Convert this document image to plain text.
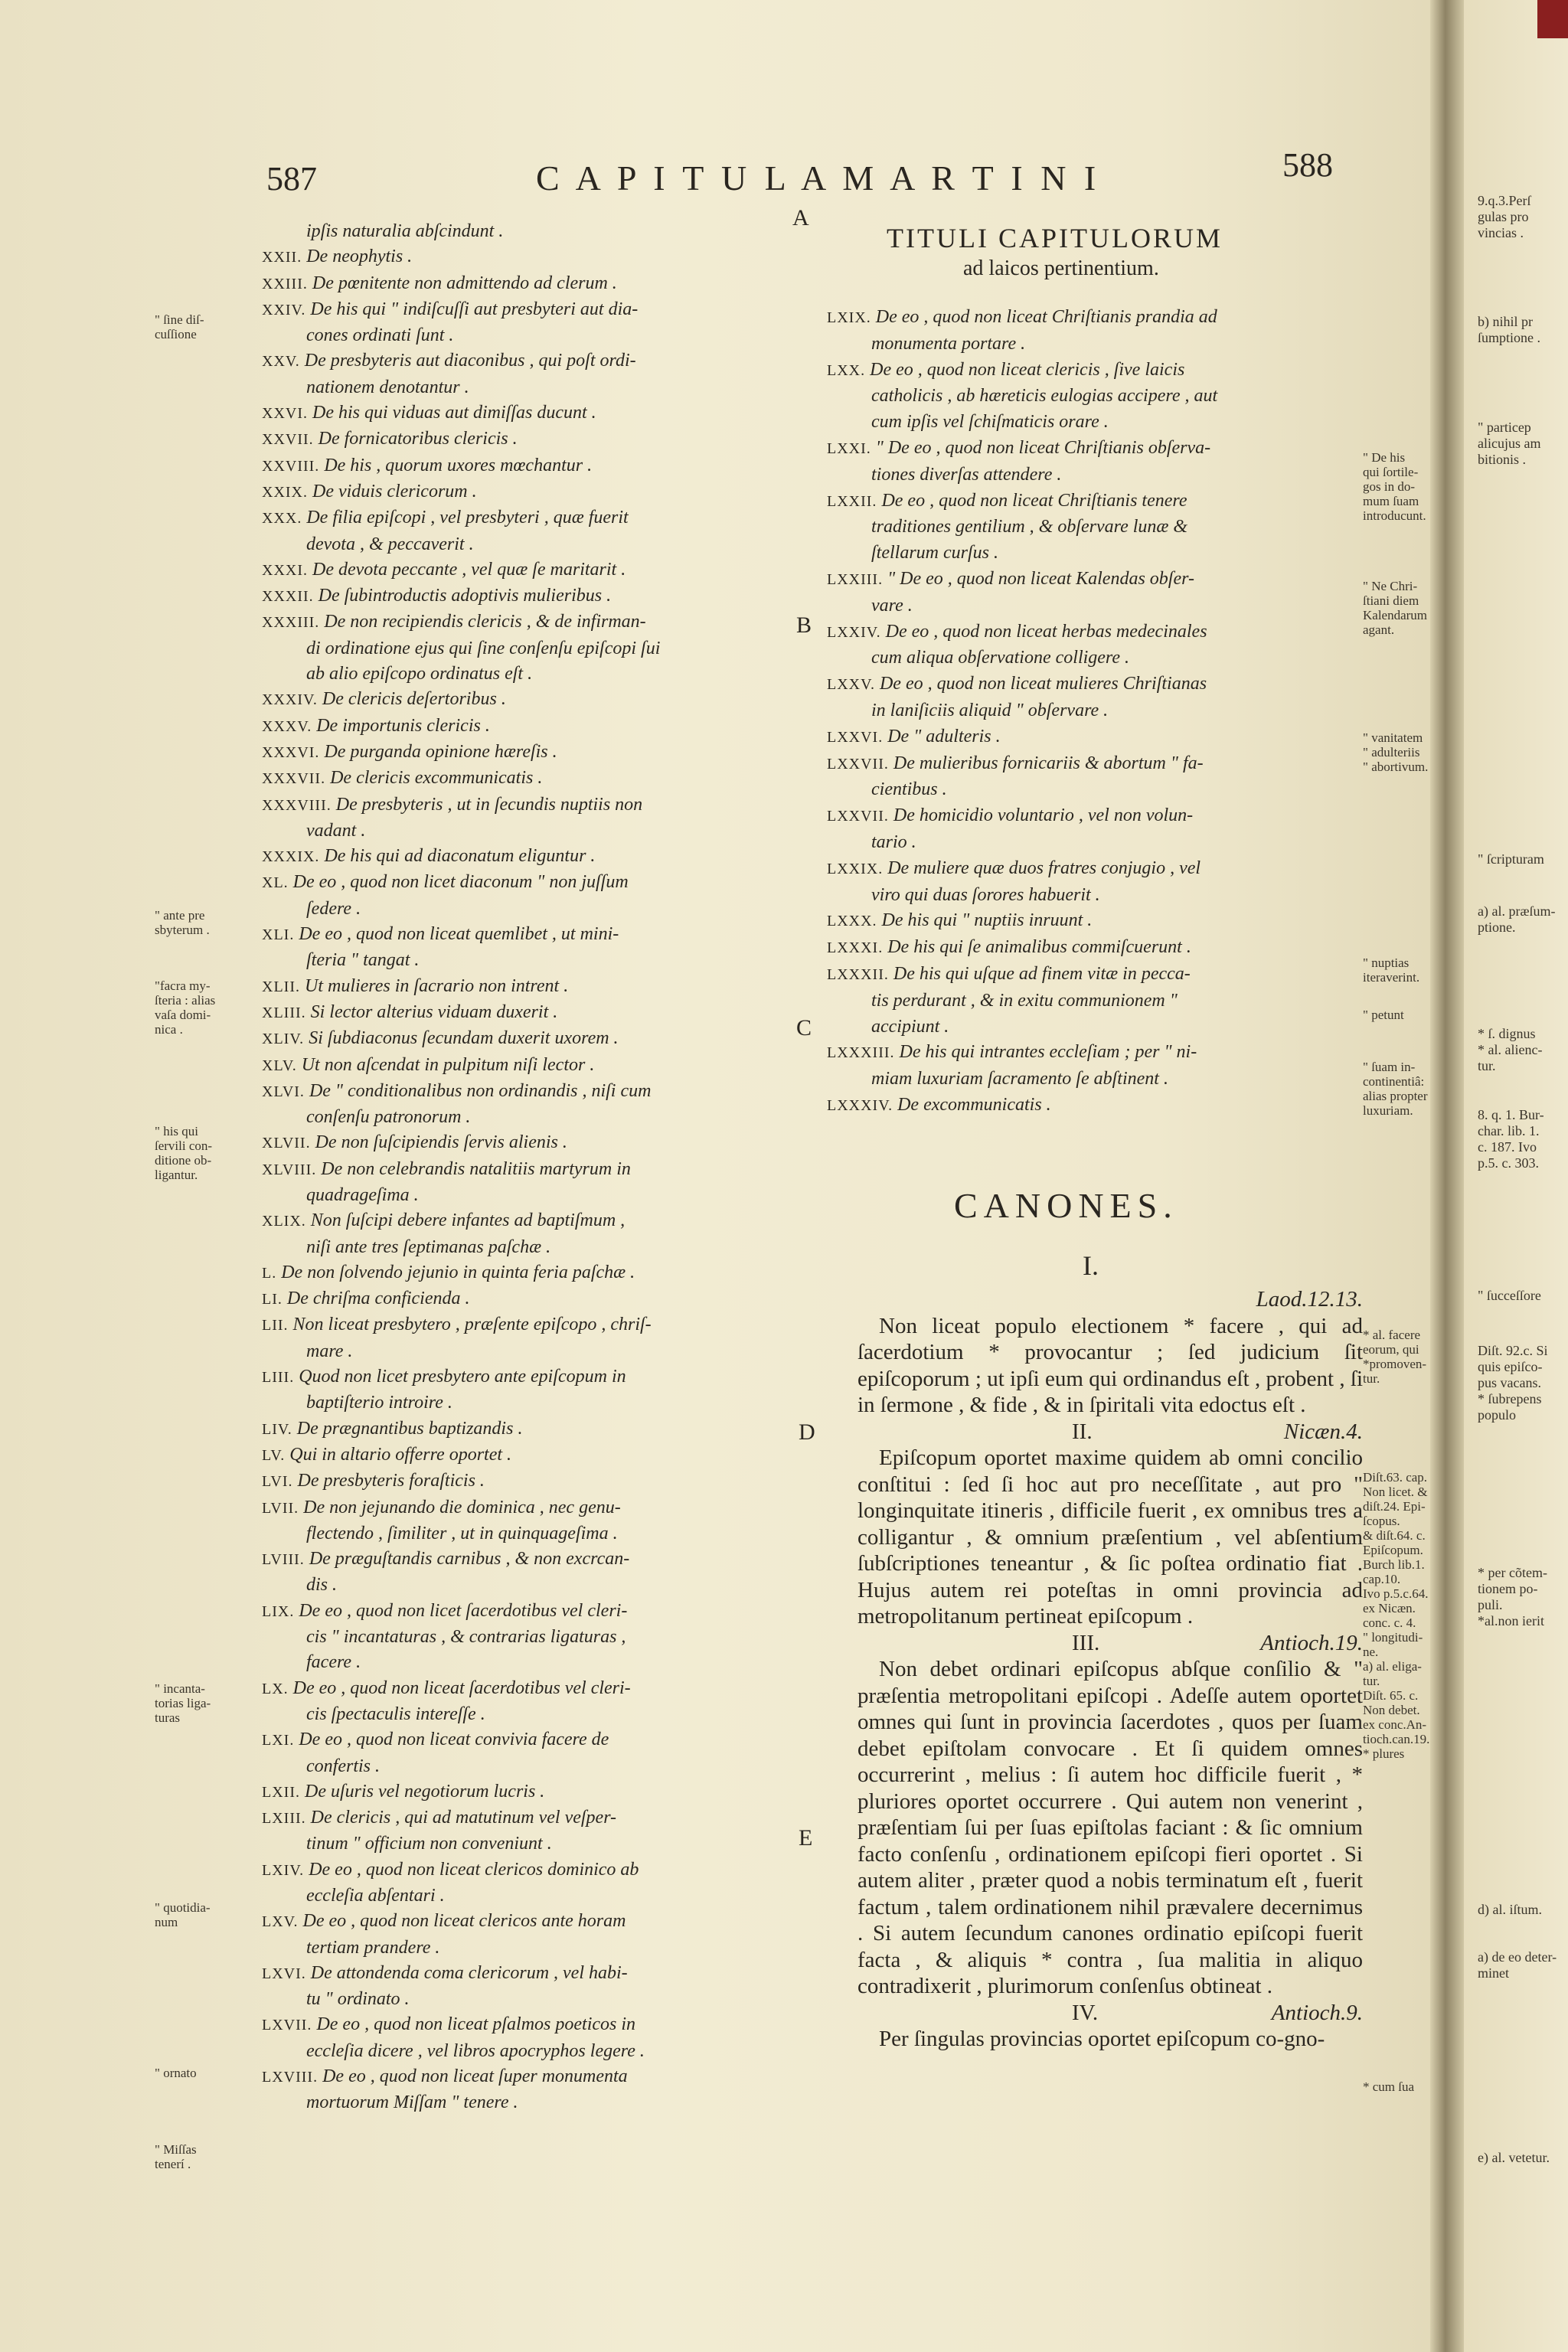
587	C A P I T U L A M A R T I N I	588
A
B
C
D
E
ipſis naturalia abſcindunt .
XXII. De neophytis .
XXIII. De pœnitente non admittendo ad clerum .
XXIV. De his qui " indiſcuſſi aut presbyteri aut dia-
cones ordinati ſunt .
XXV. De presbyteris aut diaconibus , qui poſt ordi-
nationem denotantur .
XXVI. De his qui viduas aut dimiſſas ducunt .
XXVII. De fornicatoribus clericis .
XXVIII. De his , quorum uxores mœchantur .
XXIX. De viduis clericorum .
XXX. De filia epiſcopi , vel presbyteri , quæ fuerit
devota , & peccaverit .
XXXI. De devota peccante , vel quæ ſe maritarit .
XXXII. De ſubintroductis adoptivis mulieribus .
XXXIII. De non recipiendis clericis , & de infirman-
di ordinatione ejus qui ſine conſenſu epiſcopi ſui
ab alio epiſcopo ordinatus eſt .
XXXIV. De clericis deſertoribus .
XXXV. De importunis clericis .
XXXVI. De purganda opinione hæreſis .
XXXVII. De clericis excommunicatis .
XXXVIII. De presbyteris , ut in ſecundis nuptiis non
vadant .
XXXIX. De his qui ad diaconatum eliguntur .
XL. De eo , quod non licet diaconum " non juſſum
ſedere .
XLI. De eo , quod non liceat quemlibet , ut mini-
ſteria " tangat .
XLII. Ut mulieres in ſacrario non intrent .
XLIII. Si lector alterius viduam duxerit .
XLIV. Si ſubdiaconus ſecundam duxerit uxorem .
XLV. Ut non aſcendat in pulpitum niſi lector .
XLVI. De " conditionalibus non ordinandis , niſi cum
conſenſu patronorum .
XLVII. De non ſuſcipiendis ſervis alienis .
XLVIII. De non celebrandis natalitiis martyrum in
quadrageſima .
XLIX. Non ſuſcipi debere infantes ad baptiſmum ,
niſi ante tres ſeptimanas paſchæ .
L. De non ſolvendo jejunio in quinta feria paſchæ .
LI. De chriſma conficienda .
LII. Non liceat presbytero , præſente epiſcopo , chriſ-
mare .
LIII. Quod non licet presbytero ante epiſcopum in
baptiſterio introire .
LIV. De prægnantibus baptizandis .
LV. Qui in altario offerre oportet .
LVI. De presbyteris foraſticis .
LVII. De non jejunando die dominica , nec genu-
flectendo , ſimiliter , ut in quinquageſima .
LVIII. De præguſtandis carnibus , & non excrcan-
dis .
LIX. De eo , quod non licet ſacerdotibus vel cleri-
cis " incantaturas , & contrarias ligaturas ,
facere .
LX. De eo , quod non liceat ſacerdotibus vel cleri-
cis ſpectaculis intereſſe .
LXI. De eo , quod non liceat convivia facere de
confertis .
LXII. De uſuris vel negotiorum lucris .
LXIII. De clericis , qui ad matutinum vel veſper-
tinum " officium non conveniunt .
LXIV. De eo , quod non liceat clericos dominico ab
eccleſia abſentari .
LXV. De eo , quod non liceat clericos ante horam
tertiam prandere .
LXVI. De attondenda coma clericorum , vel habi-
tu " ordinato .
LXVII. De eo , quod non liceat pſalmos poeticos in
eccleſia dicere , vel libros apocryphos legere .
LXVIII. De eo , quod non liceat ſuper monumenta
mortuorum Miſſam " tenere .
" ſine diſ-
cuſſione
" ante pre
sbyterum .
"facra my-
ſteria : alias
vaſa domi-
nica .
" his qui
ſervili con-
ditione ob-
ligantur.
" incanta-
torias liga-
turas
" quotidia-
num
" ornato
" Miſſas
tenerí .
TITULI CAPITULORUM
ad laicos pertinentium.
LXIX. De eo , quod non liceat Chriſtianis prandia ad
monumenta portare .
LXX. De eo , quod non liceat clericis , ſive laicis
catholicis , ab hæreticis eulogias accipere , aut
cum ipſis vel ſchiſmaticis orare .
LXXI. " De eo , quod non liceat Chriſtianis obſerva-
tiones diverſas attendere .
LXXII. De eo , quod non liceat Chriſtianis tenere
traditiones gentilium , & obſervare lunæ &
ſtellarum curſus .
LXXIII. " De eo , quod non liceat Kalendas obſer-
vare .
LXXIV. De eo , quod non liceat herbas medecinales
cum aliqua obſervatione colligere .
LXXV. De eo , quod non liceat mulieres Chriſtianas
in laniſiciis aliquid " obſervare .
LXXVI. De " adulteris .
LXXVII. De mulieribus fornicariis & abortum " fa-
cientibus .
LXXVII. De homicidio voluntario , vel non volun-
tario .
LXXIX. De muliere quæ duos fratres conjugio , vel
viro qui duas ſorores habuerit .
LXXX. De his qui " nuptiis inruunt .
LXXXI. De his qui ſe animalibus commiſcuerunt .
LXXXII. De his qui uſque ad finem vitæ in pecca-
tis perdurant , & in exitu communionem "
accipiunt .
LXXXIII. De his qui intrantes eccleſiam ; per " ni-
miam luxuriam ſacramento ſe abſtinent .
LXXXIV. De excommunicatis .
" De his
qui ſortile-
gos in do-
mum ſuam
introducunt.
" Ne Chri-
ſtiani diem
Kalendarum
agant.
" vanitatem
" adulteriis
" abortivum.
" nuptias
iteraverint.
" petunt
" ſuam in-
continentiâ:
alias propter
luxuriam.
* al. facere
eorum, qui
*promoven-
tur.
Diſt.63. cap.
Non licet. &
diſt.24. Epi-
ſcopus.
& diſt.64. c.
Epiſcopum.
Burch lib.1.
cap.10.
Ivo p.5.c.64.
ex Nicæn.
conc. c. 4.
" longitudi-
ne.
a) al. eliga-
tur.
Diſt. 65. c.
Non debet.
ex conc.An-
tioch.can.19.
* plures
* cum ſua
CANONES.
I.
Laod.12.13.

Non liceat populo electionem * facere , qui ad ſacerdotium * provocantur ; ſed judicium ſit epiſcoporum ; ut ipſi eum qui ordinandus eſt , probent , ſi in ſermone , & fide , & in ſpiritali vita edoctus eſt .

II.	Nicæn.4.

Epiſcopum oportet maxime quidem ab omni concilio conſtitui : ſed ſi hoc aut pro neceſſitate , aut pro " longinquitate itineris , difficile fuerit , ex omnibus tres a colligantur , & omnium præſentium , vel abſentium ſubſcriptiones teneantur , & ſic poſtea ordinatio fiat . Hujus autem rei poteſtas in omni provincia ad metropolitanum pertineat epiſcopum .

III.	Antioch.19.

Non debet ordinari epiſcopus abſque conſilio & " præſentia metropolitani epiſcopi . Adeſſe autem oportet omnes qui ſunt in provincia ſacerdotes , quos per ſuam debet epiſtolam convocare . Et ſi quidem omnes occurrerint , melius : ſi autem hoc difficile fuerit , * pluriores oportet occurrere . Qui autem non venerint , præſentiam ſui per ſuas epiſtolas faciant : & ſic omnium facto conſenſu , ordinationem epiſcopi fieri oportet . Si autem aliter , præter quod a nobis terminatum eſt , fuerit factum , talem ordinationem nihil prævalere decernimus . Si autem ſecundum canones ordinatio epiſcopi fuerit facta , & aliquis * contra , ſua malitia in aliquo contradixerit , plurimorum conſenſus obtineat .

IV.	Antioch.9.

Per ſingulas provincias oportet epiſcopum co-gno-

9.q.3.Perſ
gulas pro
vincias .
b) nihil pr
ſumptione .
" particep
alicujus am
bitionis .
" ſcripturam
a) al. præſum-
ptione.
* ſ. dignus
* al. alienc-
tur.
8. q. 1. Bur-
char. lib. 1.
c. 187. Ivo
p.5. c. 303.
" ſucceſſore
Diſt. 92.c. Si
quis epiſco-
pus vacans.
* ſubrepens
populo
* per cõtem-
tionem po-
puli.
*al.non ierit
d) al. iſtum.
a) de eo deter-
minet
e) al. vetetur.
